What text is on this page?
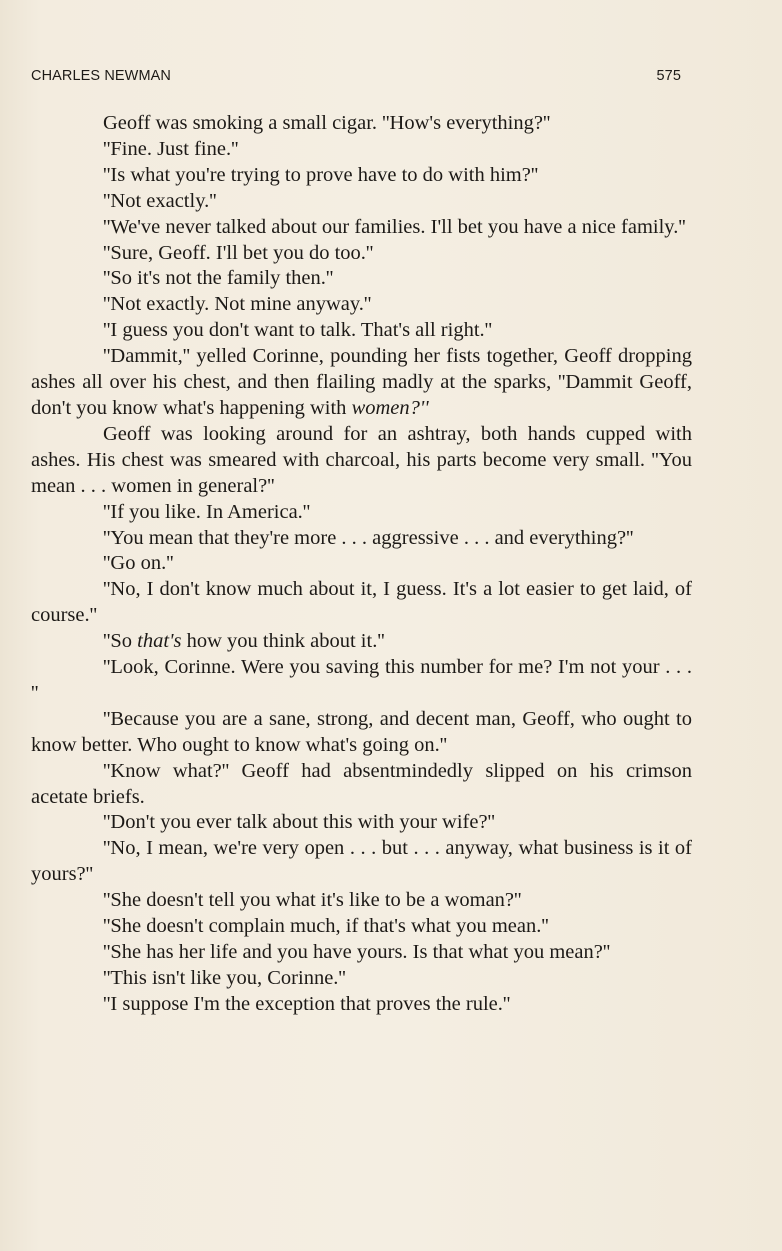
CHARLES NEWMAN	575

Geoff was smoking a small cigar. ''How's everything?''

''Fine. Just fine.''

''Is what you're trying to prove have to do with him?''

''Not exactly.''

''We've never talked about our families. I'll bet you have a nice family.''

''Sure, Geoff. I'll bet you do too.''

''So it's not the family then.''

''Not exactly. Not mine anyway.''

''I guess you don't want to talk. That's all right.''

''Dammit,'' yelled Corinne, pounding her fists together, Geoff dropping ashes all over his chest, and then flailing madly at the sparks, ''Dammit Geoff, don't you know what's happening with women?''

Geoff was looking around for an ashtray, both hands cupped with ashes. His chest was smeared with charcoal, his parts become very small. ''You mean . . . women in general?''

''If you like. In America.''

''You mean that they're more . . . aggressive . . . and everything?''

''Go on.''

''No, I don't know much about it, I guess. It's a lot easier to get laid, of course.''

''So that's how you think about it.''

''Look, Corinne. Were you saving this number for me? I'm not your . . . ''

''Because you are a sane, strong, and decent man, Geoff, who ought to know better. Who ought to know what's going on.''

''Know what?'' Geoff had absentmindedly slipped on his crimson acetate briefs.

''Don't you ever talk about this with your wife?''

''No, I mean, we're very open . . . but . . . anyway, what business is it of yours?''

''She doesn't tell you what it's like to be a woman?''

''She doesn't complain much, if that's what you mean.''

''She has her life and you have yours. Is that what you mean?''

''This isn't like you, Corinne.''

''I suppose I'm the exception that proves the rule.''
